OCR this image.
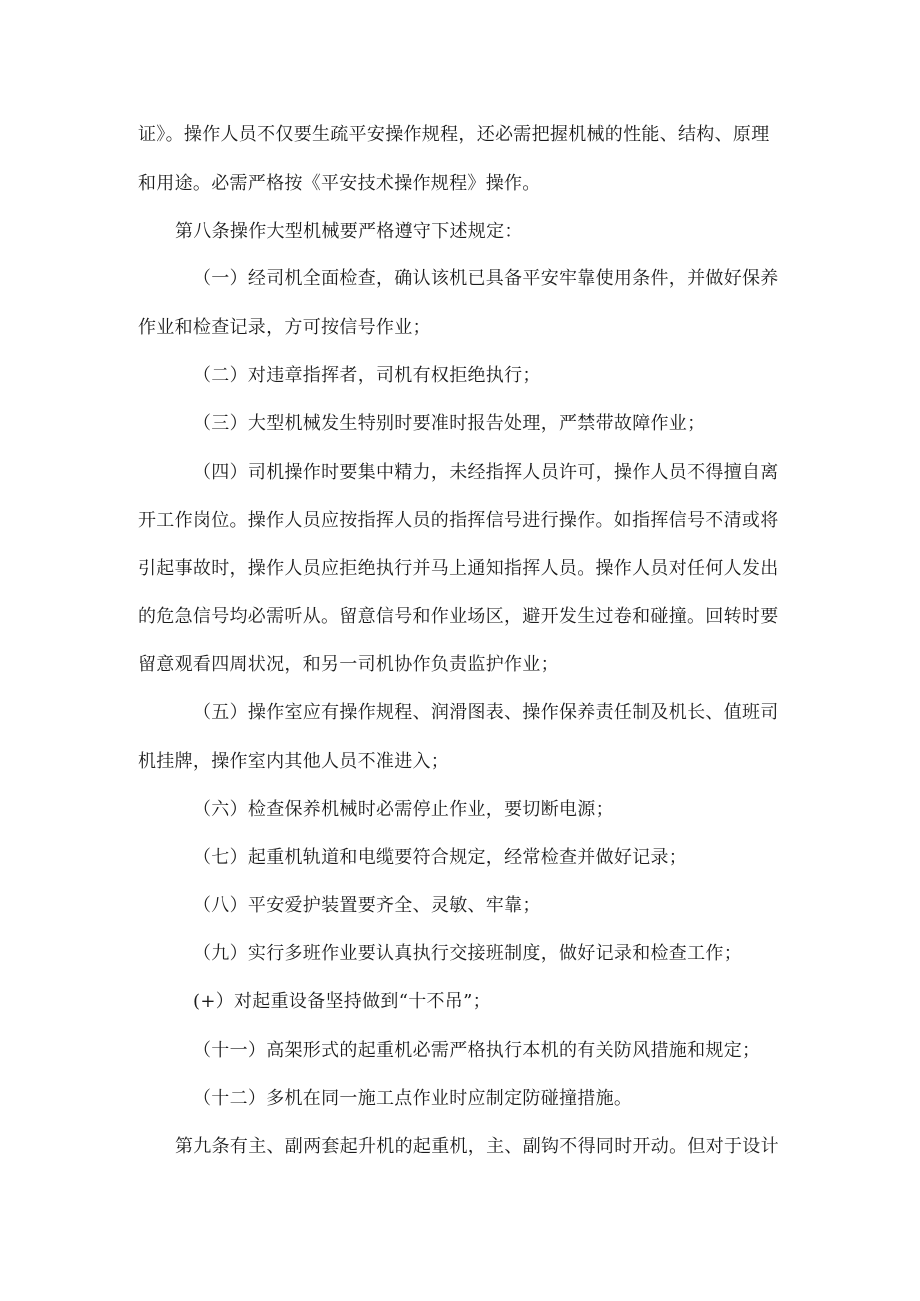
证》。操作人员不仅要生疏平安操作规程，还必需把握机械的性能、结构、原理
和用途。必需严格按《平安技术操作规程》操作。
第八条操作大型机械要严格遵守下述规定：
（一）经司机全面检查，确认该机已具备平安牢靠使用条件，并做好保养
作业和检查记录，方可按信号作业；
（二）对违章指挥者，司机有权拒绝执行；
（三）大型机械发生特别时要准时报告处理，严禁带故障作业；
（四）司机操作时要集中精力，未经指挥人员许可，操作人员不得擅自离
开工作岗位。操作人员应按指挥人员的指挥信号进行操作。如指挥信号不清或将
引起事故时，操作人员应拒绝执行并马上通知指挥人员。操作人员对任何人发出
的危急信号均必需听从。留意信号和作业场区，避开发生过卷和碰撞。回转时要
留意观看四周状况，和另一司机协作负责监护作业；
（五）操作室应有操作规程、润滑图表、操作保养责任制及机长、值班司
机挂牌，操作室内其他人员不准进入；
（六）检查保养机械时必需停止作业，要切断电源；
（七）起重机轨道和电缆要符合规定，经常检查并做好记录；
（八）平安爱护装置要齐全、灵敏、牢靠；
（九）实行多班作业要认真执行交接班制度，做好记录和检查工作；
(+）对起重设备坚持做到“十不吊”；
（十一）高架形式的起重机必需严格执行本机的有关防风措施和规定；
（十二）多机在同一施工点作业时应制定防碰撞措施。
第九条有主、副两套起升机的起重机，主、副钩不得同时开动。但对于设计
